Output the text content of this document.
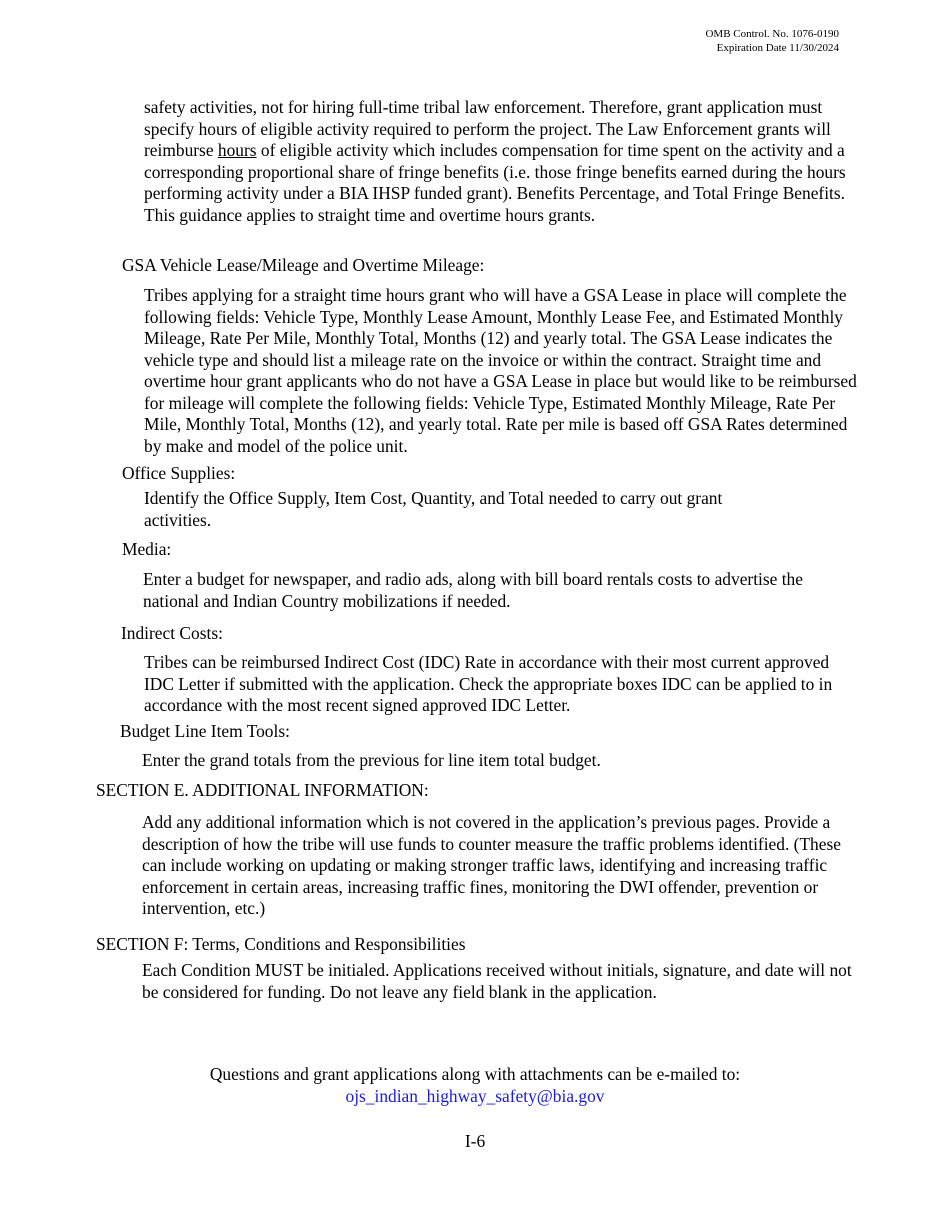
OMB Control. No. 1076-0190
Expiration Date 11/30/2024
safety activities, not for hiring full-time tribal law enforcement. Therefore, grant application must specify hours of eligible activity required to perform the project. The Law Enforcement grants will reimburse hours of eligible activity which includes compensation for time spent on the activity and a corresponding proportional share of fringe benefits (i.e. those fringe benefits earned during the hours performing activity under a BIA IHSP funded grant). Benefits Percentage, and Total Fringe Benefits. This guidance applies to straight time and overtime hours grants.
GSA Vehicle Lease/Mileage and Overtime Mileage:
Tribes applying for a straight time hours grant who will have a GSA Lease in place will complete the following fields: Vehicle Type, Monthly Lease Amount, Monthly Lease Fee, and Estimated Monthly Mileage, Rate Per Mile, Monthly Total, Months (12) and yearly total. The GSA Lease indicates the vehicle type and should list a mileage rate on the invoice or within the contract. Straight time and overtime hour grant applicants who do not have a GSA Lease in place but would like to be reimbursed for mileage will complete the following fields: Vehicle Type, Estimated Monthly Mileage, Rate Per Mile, Monthly Total, Months (12), and yearly total. Rate per mile is based off GSA Rates determined by make and model of the police unit.
Office Supplies:
Identify the Office Supply, Item Cost, Quantity, and Total needed to carry out grant activities.
Media:
Enter a budget for newspaper, and radio ads, along with bill board rentals costs to advertise the national and Indian Country mobilizations if needed.
Indirect Costs:
Tribes can be reimbursed Indirect Cost (IDC) Rate in accordance with their most current approved IDC Letter if submitted with the application. Check the appropriate boxes IDC can be applied to in accordance with the most recent signed approved IDC Letter.
Budget Line Item Tools:
Enter the grand totals from the previous for line item total budget.
SECTION E. ADDITIONAL INFORMATION:
Add any additional information which is not covered in the application’s previous pages. Provide a description of how the tribe will use funds to counter measure the traffic problems identified. (These can include working on updating or making stronger traffic laws, identifying and increasing traffic enforcement in certain areas, increasing traffic fines, monitoring the DWI offender, prevention or intervention, etc.)
SECTION F: Terms, Conditions and Responsibilities
Each Condition MUST be initialed. Applications received without initials, signature, and date will not be considered for funding. Do not leave any field blank in the application.
Questions and grant applications along with attachments can be e-mailed to:
ojs_indian_highway_safety@bia.gov
I-6
